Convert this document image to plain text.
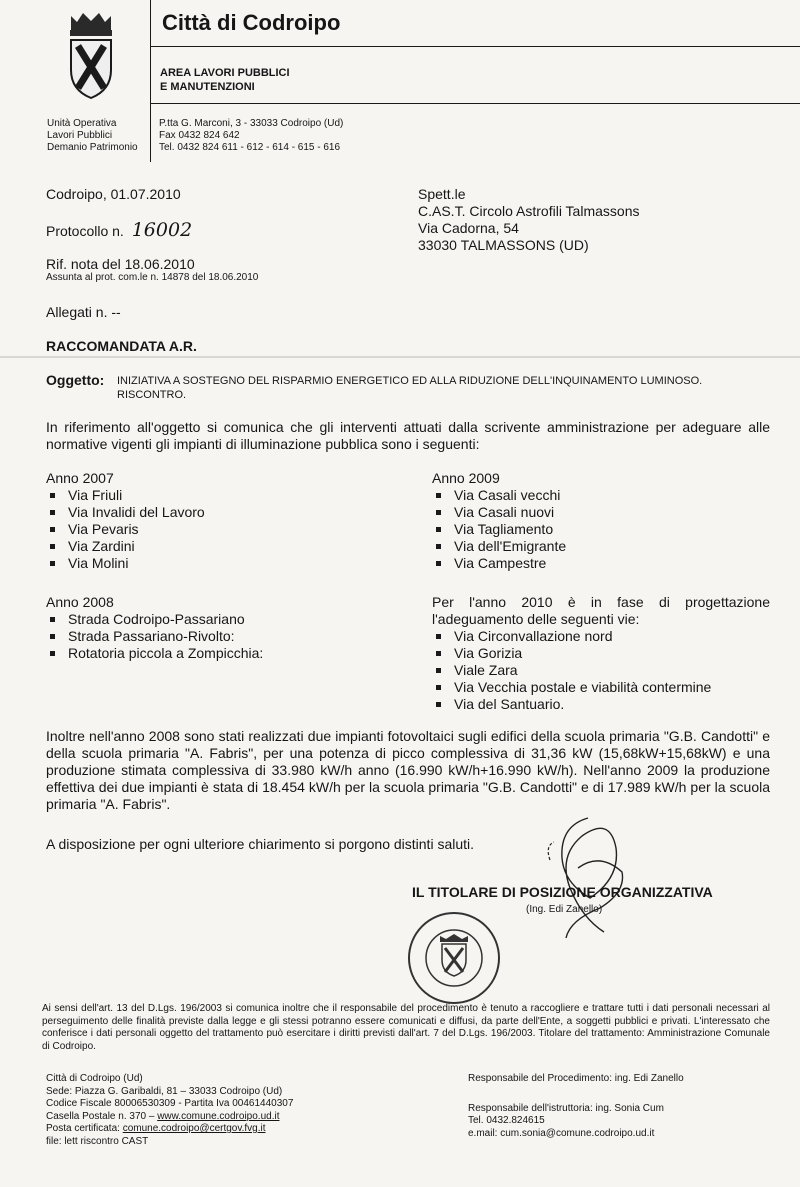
Città di Codroipo
AREA LAVORI PUBBLICI
E MANUTENZIONI
Unità Operativa
Lavori Pubblici
Demanio Patrimonio
P.tta G. Marconi, 3 - 33033 Codroipo (Ud)
Fax 0432 824 642
Tel. 0432 824 611 - 612 - 614 - 615 - 616
Codroipo, 01.07.2010
Protocollo n. 16002
Rif. nota del 18.06.2010
Assunta al prot. com.le n. 14878 del 18.06.2010
Allegati n. --
RACCOMANDATA A.R.
Spett.le
C.AS.T. Circolo Astrofili Talmassons
Via Cadorna, 54
33030 TALMASSONS (UD)
Oggetto: INIZIATIVA A SOSTEGNO DEL RISPARMIO ENERGETICO ED ALLA RIDUZIONE DELL'INQUINAMENTO LUMINOSO.
RISCONTRO.
In riferimento all'oggetto si comunica che gli interventi attuati dalla scrivente amministrazione per adeguare alle normative vigenti gli impianti di illuminazione pubblica sono i seguenti:
Anno 2007
Via Friuli
Via Invalidi del Lavoro
Via Pevaris
Via Zardini
Via Molini
Anno 2009
Via Casali vecchi
Via Casali nuovi
Via Tagliamento
Via dell'Emigrante
Via Campestre
Anno 2008
Strada Codroipo-Passariano
Strada Passariano-Rivolto:
Rotatoria piccola a Zompicchia:
Per l'anno 2010 è in fase di progettazione l'adeguamento delle seguenti vie:
Via Circonvallazione nord
Via Gorizia
Viale Zara
Via Vecchia postale e viabilità contermine
Via del Santuario.
Inoltre nell'anno 2008 sono stati realizzati due impianti fotovoltaici sugli edifici della scuola primaria "G.B. Candotti" e della scuola primaria "A. Fabris", per una potenza di picco complessiva di 31,36 kW (15,68kW+15,68kW) e una produzione stimata complessiva di 33.980 kW/h anno (16.990 kW/h+16.990 kW/h). Nell'anno 2009 la produzione effettiva dei due impianti è stata di 18.454 kW/h per la scuola primaria "G.B. Candotti" e di 17.989 kW/h per la scuola primaria "A. Fabris".
A disposizione per ogni ulteriore chiarimento si porgono distinti saluti.
IL TITOLARE DI POSIZIONE ORGANIZZATIVA
(Ing. Edi Zanello)
Ai sensi dell'art. 13 del D.Lgs. 196/2003 si comunica inoltre che il responsabile del procedimento è tenuto a raccogliere e trattare tutti i dati personali necessari al perseguimento delle finalità previste dalla legge e gli stessi potranno essere comunicati e diffusi, da parte dell'Ente, a soggetti pubblici e privati. L'interessato che conferisce i dati personali oggetto del trattamento può esercitare i diritti previsti dall'art. 7 del D.Lgs. 196/2003. Titolare del trattamento: Amministrazione Comunale di Codroipo.
Città di Codroipo (Ud)
Sede: Piazza G. Garibaldi, 81 – 33033 Codroipo (Ud)
Codice Fiscale 80006530309 - Partita Iva 00461440307
Casella Postale n. 370 – www.comune.codroipo.ud.it
Posta certificata: comune.codroipo@certgov.fvg.it
file: lett riscontro CAST
Responsabile del Procedimento: ing. Edi Zanello
Responsabile dell'istruttoria: ing. Sonia Cum
Tel. 0432.824615
e.mail: cum.sonia@comune.codroipo.ud.it
